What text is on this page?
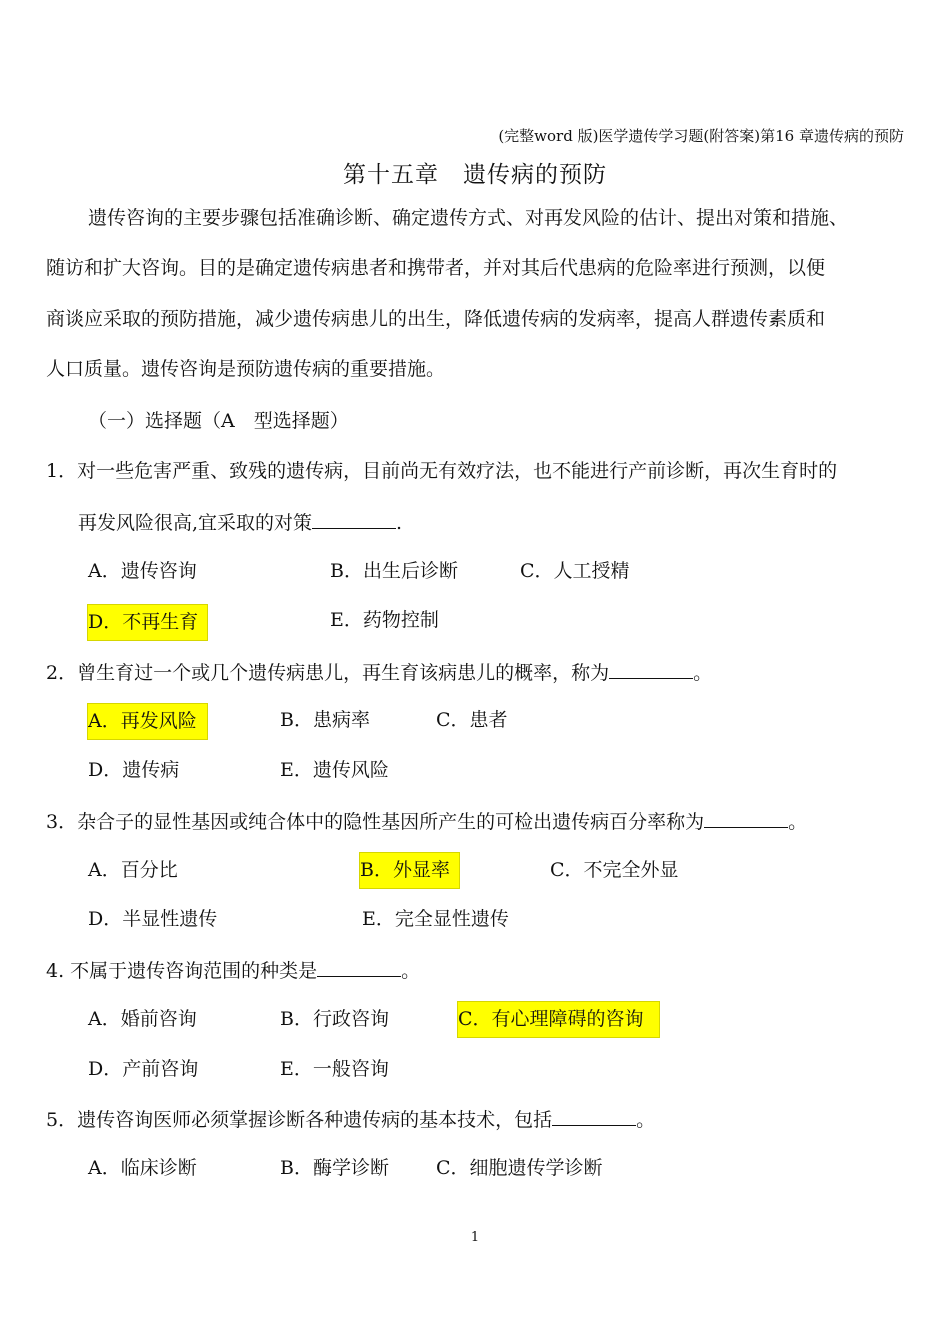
(完整word 版)医学遗传学习题(附答案)第16 章遗传病的预防
第十五章　遗传病的预防
遗传咨询的主要步骤包括准确诊断、确定遗传方式、对再发风险的估计、提出对策和措施、
随访和扩大咨询。目的是确定遗传病患者和携带者，并对其后代患病的危险率进行预测，以便
商谈应采取的预防措施，减少遗传病患儿的出生，降低遗传病的发病率，提高人群遗传素质和
人口质量。遗传咨询是预防遗传病的重要措施。
（一）选择题（A　型选择题）
1．对一些危害严重、致残的遗传病，目前尚无有效疗法，也不能进行产前诊断，再次生育时的
再发风险很高,宜采取的对策	.
A．遗传咨询	B．出生后诊断	C．人工授精
D．不再生育	E．药物控制
2．曾生育过一个或几个遗传病患儿，再生育该病患儿的概率，称为	。
A．再发风险	B．患病率	C．患者
D．遗传病	E．遗传风险
3．杂合子的显性基因或纯合体中的隐性基因所产生的可检出遗传病百分率称为	。
A．百分比	B．外显率	C．不完全外显
D．半显性遗传	E．完全显性遗传
4. 不属于遗传咨询范围的种类是	。
A．婚前咨询	B．行政咨询	C．有心理障碍的咨询
D．产前咨询	E．一般咨询
5．遗传咨询医师必须掌握诊断各种遗传病的基本技术，包括	。
A．临床诊断	B．酶学诊断 C．细胞遗传学诊断
1
